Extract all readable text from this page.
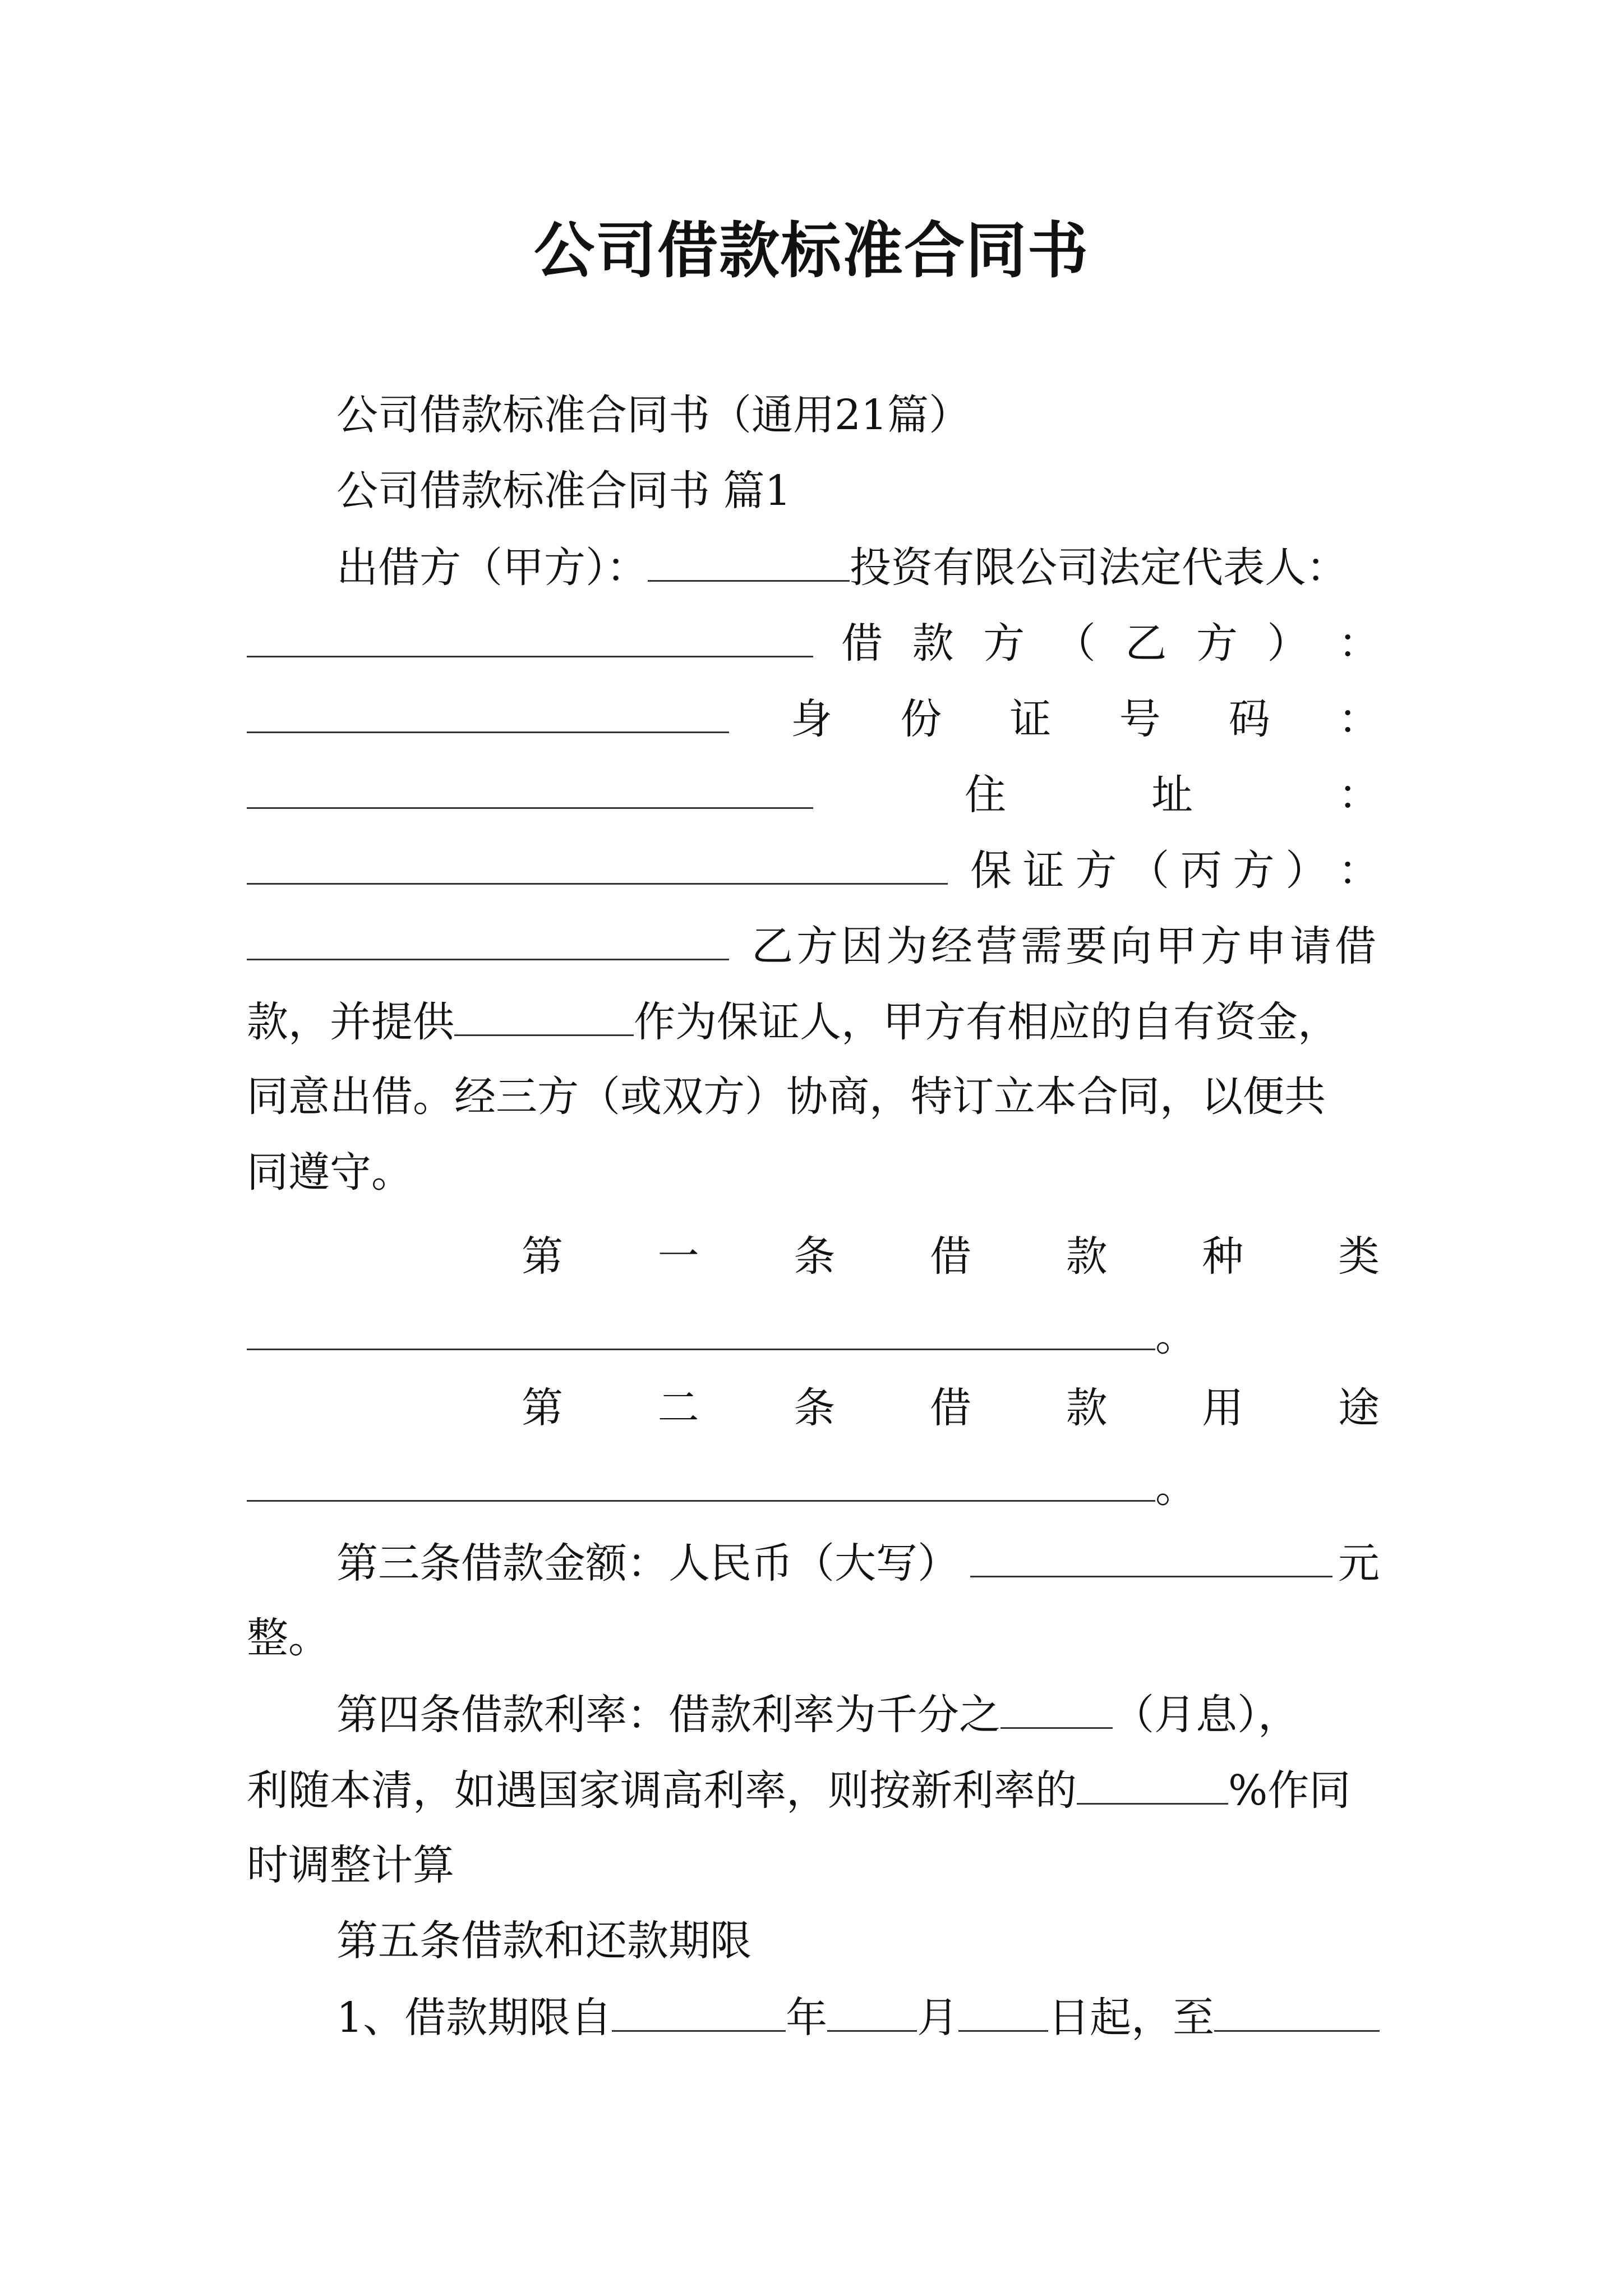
公司借款标准合同书
公司借款标准合同书（通用21篇）
公司借款标准合同书 篇1
出借方（甲方）：	投资有限公司法定代表人：
借 款 方 （ 乙 方 ） ：
身 份 证 号 码 ：
住	址	：
保 证 方 （ 丙 方 ） ：
乙方因为经营需要向甲方申请借
款，并提供	作为保证人，甲方有相应的自有资金，
同意出借。经三方（或双方）协商，特订立本合同，以便共
同遵守。
第 一 条 借 款 种 类
。
第 二 条 借 款 用 途
。
第三条借款金额：人民币（大写）	元
整。
第四条借款利率：借款利率为千分之	（月息），
利随本清，如遇国家调高利率，则按新利率的	%作同
时调整计算
第五条借款和还款期限
1、借款期限自	年 月 日起，至
